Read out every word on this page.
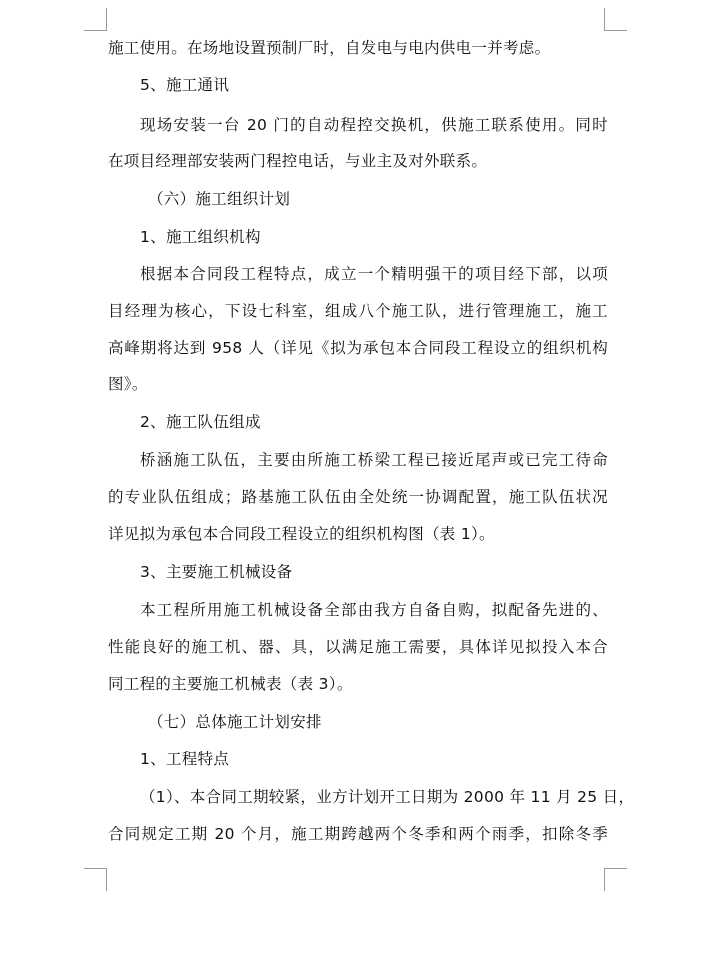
施工使用。在场地设置预制厂时，自发电与电内供电一并考虑。
5、施工通讯
现场安装一台 20 门的自动程控交换机，供施工联系使用。同时
在项目经理部安装两门程控电话，与业主及对外联系。
（六）施工组织计划
1、施工组织机构
根据本合同段工程特点，成立一个精明强干的项目经下部，以项
目经理为核心，下设七科室，组成八个施工队，进行管理施工，施工
高峰期将达到 958 人（详见《拟为承包本合同段工程设立的组织机构
图》。
2、施工队伍组成
桥涵施工队伍，主要由所施工桥梁工程已接近尾声或已完工待命
的专业队伍组成；路基施工队伍由全处统一协调配置，施工队伍状况
详见拟为承包本合同段工程设立的组织机构图（表 1）。
3、主要施工机械设备
本工程所用施工机械设备全部由我方自备自购，拟配备先进的、
性能良好的施工机、器、具，以满足施工需要，具体详见拟投入本合
同工程的主要施工机械表（表 3）。
（七）总体施工计划安排
1、工程特点
（1）、本合同工期较紧，业方计划开工日期为 2000 年 11 月 25 日，
合同规定工期 20 个月，施工期跨越两个冬季和两个雨季，扣除冬季
